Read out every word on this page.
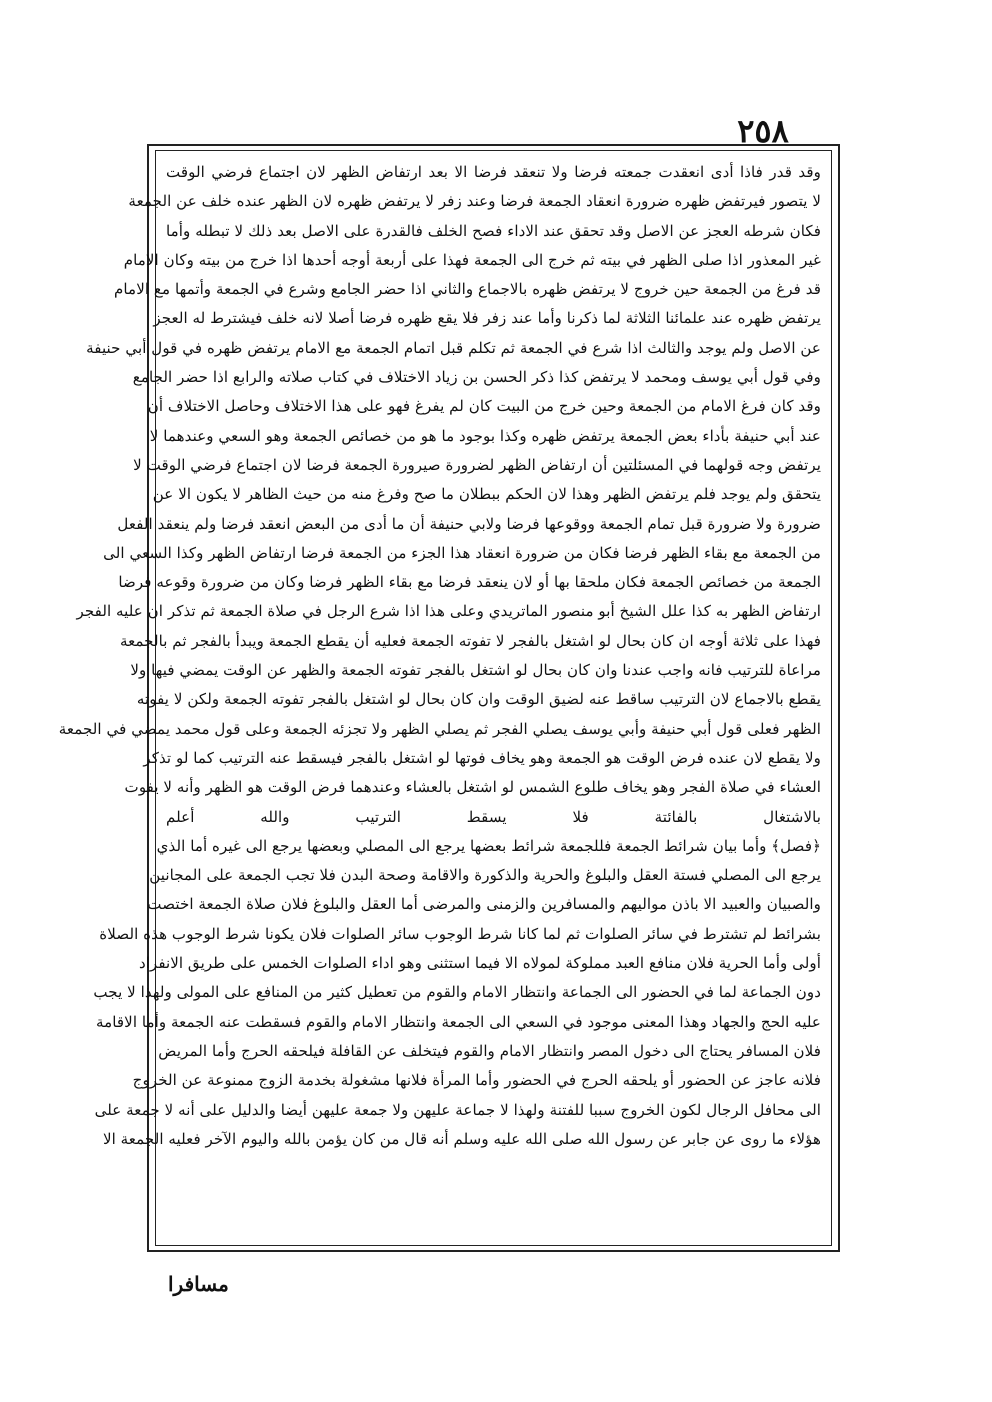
٢٥٨
وقد قدر فاذا أدى انعقدت جمعته فرضا ولا تنعقد فرضا الا بعد ارتفاض الظهر لان اجتماع فرضي الوقت
لا يتصور فيرتفض ظهره ضرورة انعقاد الجمعة فرضا وعند زفر لا يرتفض ظهره لان الظهر عنده خلف عن الجمعة
فكان شرطه العجز عن الاصل وقد تحقق عند الاداء فصح الخلف فالقدرة على الاصل بعد ذلك لا تبطله وأما
غير المعذور اذا صلى الظهر في بيته ثم خرج الى الجمعة فهذا على أربعة أوجه أحدها اذا خرج من بيته وكان الامام
قد فرغ من الجمعة حين خروج لا يرتفض ظهره بالاجماع والثاني اذا حضر الجامع وشرع في الجمعة وأتمها مع الامام
يرتفض ظهره عند علمائنا الثلاثة لما ذكرنا وأما عند زفر فلا يقع ظهره فرضا أصلا لانه خلف فيشترط له العجز
عن الاصل ولم يوجد والثالث اذا شرع في الجمعة ثم تكلم قبل اتمام الجمعة مع الامام يرتفض ظهره في قول أبي حنيفة
وفي قول أبي يوسف ومحمد لا يرتفض كذا ذكر الحسن بن زياد الاختلاف في كتاب صلاته والرابع اذا حضر الجامع
وقد كان فرغ الامام من الجمعة وحين خرج من البيت كان لم يفرغ فهو على هذا الاختلاف وحاصل الاختلاف أن
عند أبي حنيفة بأداء بعض الجمعة يرتفض ظهره وكذا بوجود ما هو من خصائص الجمعة وهو السعي وعندهما لا
يرتفض وجه قولهما في المسئلتين أن ارتفاض الظهر لضرورة صيرورة الجمعة فرضا لان اجتماع فرضي الوقت لا
يتحقق ولم يوجد فلم يرتفض الظهر وهذا لان الحكم ببطلان ما صح وفرغ منه من حيث الظاهر لا يكون الا عن
ضرورة ولا ضرورة قبل تمام الجمعة ووقوعها فرضا ولابي حنيفة أن ما أدى من البعض انعقد فرضا ولم ينعقد الفعل
من الجمعة مع بقاء الظهر فرضا فكان من ضرورة انعقاد هذا الجزء من الجمعة فرضا ارتفاض الظهر وكذا السعي الى
الجمعة من خصائص الجمعة فكان ملحقا بها أو لان ينعقد فرضا مع بقاء الظهر فرضا وكان من ضرورة وقوعه فرضا
ارتفاض الظهر به كذا علل الشيخ أبو منصور الماتريدي وعلى هذا اذا شرع الرجل في صلاة الجمعة ثم تذكر ان عليه الفجر
فهذا على ثلاثة أوجه ان كان بحال لو اشتغل بالفجر لا تفوته الجمعة فعليه أن يقطع الجمعة ويبدأ بالفجر ثم بالجمعة
مراعاة للترتيب فانه واجب عندنا وان كان بحال لو اشتغل بالفجر تفوته الجمعة والظهر عن الوقت يمضي فيها ولا
يقطع بالاجماع لان الترتيب ساقط عنه لضيق الوقت وان كان بحال لو اشتغل بالفجر تفوته الجمعة ولكن لا يفوته
الظهر فعلى قول أبي حنيفة وأبي يوسف يصلي الفجر ثم يصلي الظهر ولا تجزئه الجمعة وعلى قول محمد يمضي في الجمعة
ولا يقطع لان عنده فرض الوقت هو الجمعة وهو يخاف فوتها لو اشتغل بالفجر فيسقط عنه الترتيب كما لو تذكر
العشاء في صلاة الفجر وهو يخاف طلوع الشمس لو اشتغل بالعشاء وعندهما فرض الوقت هو الظهر وأنه لا يفوت
بالاشتغال بالفائتة فلا يسقط الترتيب والله أعلم
﴿فصل﴾ وأما بيان شرائط الجمعة فللجمعة شرائط بعضها يرجع الى المصلي وبعضها يرجع الى غيره أما الذي
يرجع الى المصلي فستة العقل والبلوغ والحرية والذكورة والاقامة وصحة البدن فلا تجب الجمعة على المجانين
والصبيان والعبيد الا باذن مواليهم والمسافرين والزمنى والمرضى أما العقل والبلوغ فلان صلاة الجمعة اختصت
بشرائط لم تشترط في سائر الصلوات ثم لما كانا شرط الوجوب سائر الصلوات فلان يكونا شرط الوجوب هذه الصلاة
أولى وأما الحرية فلان منافع العبد مملوكة لمولاه الا فيما استثنى وهو اداء الصلوات الخمس على طريق الانفراد
دون الجماعة لما في الحضور الى الجماعة وانتظار الامام والقوم من تعطيل كثير من المنافع على المولى ولهذا لا يجب
عليه الحج والجهاد وهذا المعنى موجود في السعي الى الجمعة وانتظار الامام والقوم فسقطت عنه الجمعة وأما الاقامة
فلان المسافر يحتاج الى دخول المصر وانتظار الامام والقوم فيتخلف عن القافلة فيلحقه الحرج وأما المريض
فلانه عاجز عن الحضور أو يلحقه الحرج في الحضور وأما المرأة فلانها مشغولة بخدمة الزوج ممنوعة عن الخروج
الى محافل الرجال لكون الخروج سببا للفتنة ولهذا لا جماعة عليهن ولا جمعة عليهن أيضا والدليل على أنه لا جمعة على
هؤلاء ما روى عن جابر عن رسول الله صلى الله عليه وسلم أنه قال من كان يؤمن بالله واليوم الآخر فعليه الجمعة الا
مسافرا
